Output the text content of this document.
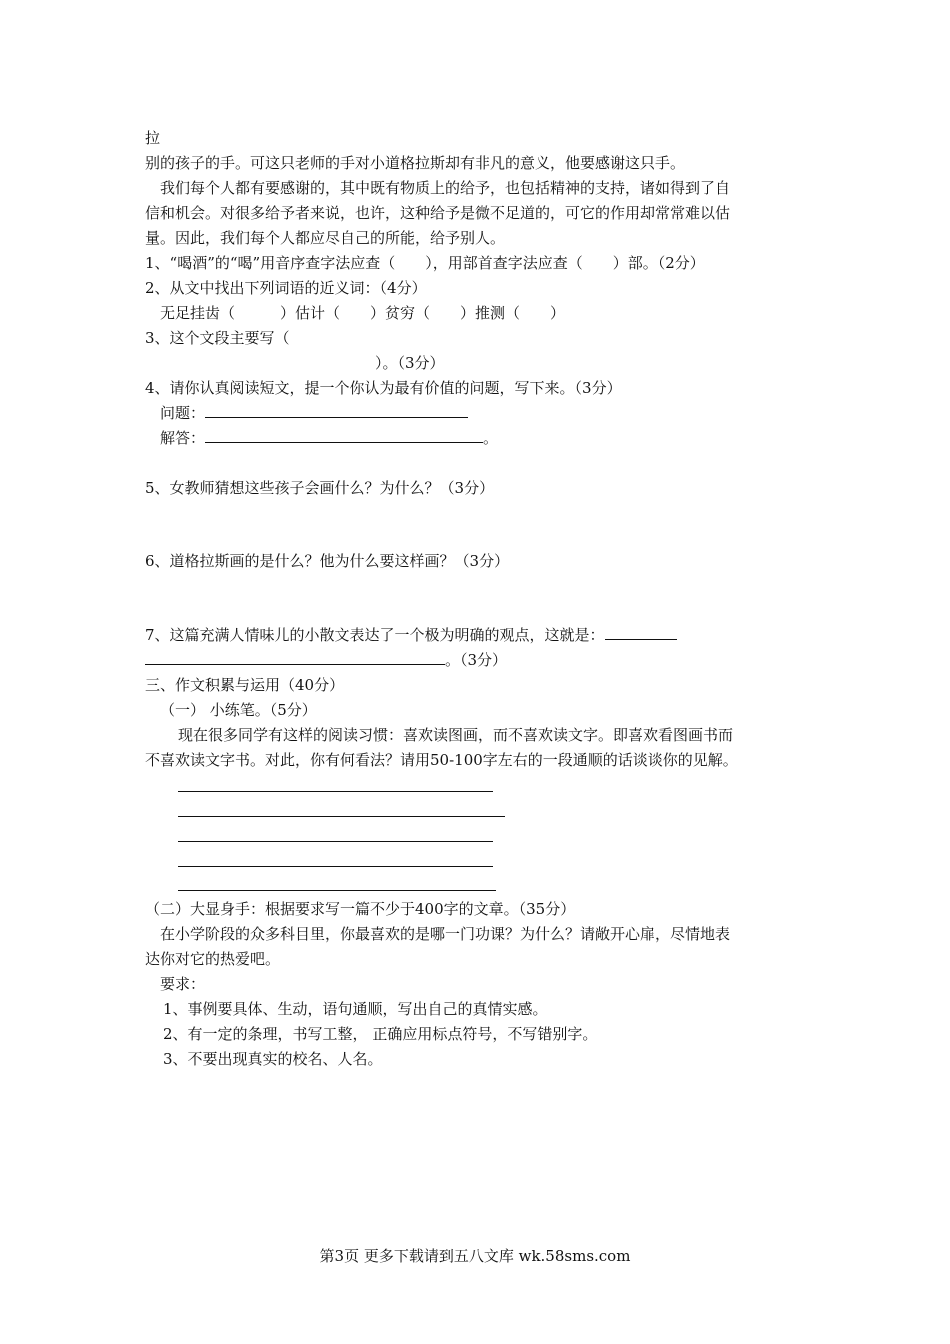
拉
别的孩子的手。可这只老师的手对小道格拉斯却有非凡的意义，他要感谢这只手。
我们每个人都有要感谢的，其中既有物质上的给予，也包括精神的支持，诸如得到了自
信和机会。对很多给予者来说，也许，这种给予是微不足道的，可它的作用却常常难以估
量。因此，我们每个人都应尽自己的所能，给予别人。
1、“喝酒”的“喝”用音序查字法应查（　　），用部首查字法应查（　　）部。（2分）
2、从文中找出下列词语的近义词：（4分）
无足挂齿（　　　）估计（　　）贫穷（　　）推测（　　）
3、这个文段主要写（
）。（3分）
4、请你认真阅读短文，提一个你认为最有价值的问题，写下来。（3分）
问题：
解答：	。
5、女教师猜想这些孩子会画什么？为什么？（3分）
6、道格拉斯画的是什么？他为什么要这样画？（3分）
7、这篇充满人情味儿的小散文表达了一个极为明确的观点，这就是：
。（3分）
三、作文积累与运用（40分）
（一） 小练笔。（5分）
现在很多同学有这样的阅读习惯：喜欢读图画，而不喜欢读文字。即喜欢看图画书而
不喜欢读文字书。对此，你有何看法？请用50-100字左右的一段通顺的话谈谈你的见解。
（二）大显身手：根据要求写一篇不少于400字的文章。（35分）
在小学阶段的众多科目里，你最喜欢的是哪一门功课？为什么？请敞开心扉，尽情地表
达你对它的热爱吧。
要求：
1、事例要具体、生动，语句通顺，写出自己的真情实感。
2、有一定的条理，书写工整， 正确应用标点符号，不写错别字。
3、不要出现真实的校名、人名。
第3页 更多下载请到五八文库 wk.58sms.com
